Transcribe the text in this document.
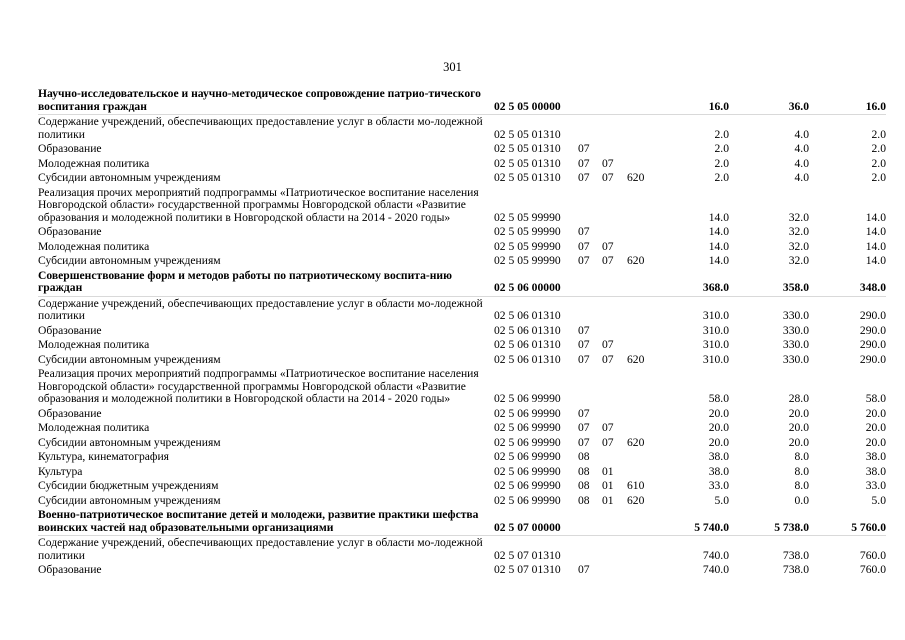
301
Научно-исследовательское и научно-методическое сопровождение патрио-тического воспитания граждан	02 5 05 00000				16.0	36.0	16.0
Содержание учреждений, обеспечивающих предоставление услуг в области мо-лодежной политики	02 5 05 01310				2.0	4.0	2.0
Образование	02 5 05 01310	07			2.0	4.0	2.0
Молодежная политика	02 5 05 01310	07	07		2.0	4.0	2.0
Субсидии автономным учреждениям	02 5 05 01310	07	07	620	2.0	4.0	2.0
Реализация прочих мероприятий подпрограммы «Патриотическое воспитание населения Новгородской области» государственной программы Новгородской области «Развитие образования и молодежной политики в Новгородской области на 2014 - 2020 годы»	02 5 05 99990				14.0	32.0	14.0
Образование	02 5 05 99990	07			14.0	32.0	14.0
Молодежная политика	02 5 05 99990	07	07		14.0	32.0	14.0
Субсидии автономным учреждениям	02 5 05 99990	07	07	620	14.0	32.0	14.0
Совершенствование форм и методов работы по патриотическому воспита-нию граждан	02 5 06 00000				368.0	358.0	348.0
Содержание учреждений, обеспечивающих предоставление услуг в области мо-лодежной политики	02 5 06 01310				310.0	330.0	290.0
Образование	02 5 06 01310	07			310.0	330.0	290.0
Молодежная политика	02 5 06 01310	07	07		310.0	330.0	290.0
Субсидии автономным учреждениям	02 5 06 01310	07	07	620	310.0	330.0	290.0
Реализация прочих мероприятий подпрограммы «Патриотическое воспитание населения Новгородской области» государственной программы Новгородской области «Развитие образования и молодежной политики в Новгородской области на 2014 - 2020 годы»	02 5 06 99990				58.0	28.0	58.0
Образование	02 5 06 99990	07			20.0	20.0	20.0
Молодежная политика	02 5 06 99990	07	07		20.0	20.0	20.0
Субсидии автономным учреждениям	02 5 06 99990	07	07	620	20.0	20.0	20.0
Культура, кинематография	02 5 06 99990	08			38.0	8.0	38.0
Культура	02 5 06 99990	08	01		38.0	8.0	38.0
Субсидии бюджетным учреждениям	02 5 06 99990	08	01	610	33.0	8.0	33.0
Субсидии автономным учреждениям	02 5 06 99990	08	01	620	5.0	0.0	5.0
Военно-патриотическое воспитание детей и молодежи, развитие практики шефства воинских частей над образовательными организациями	02 5 07 00000				5 740.0	5 738.0	5 760.0
Содержание учреждений, обеспечивающих предоставление услуг в области мо-лодежной политики	02 5 07 01310				740.0	738.0	760.0
Образование	02 5 07 01310	07			740.0	738.0	760.0
